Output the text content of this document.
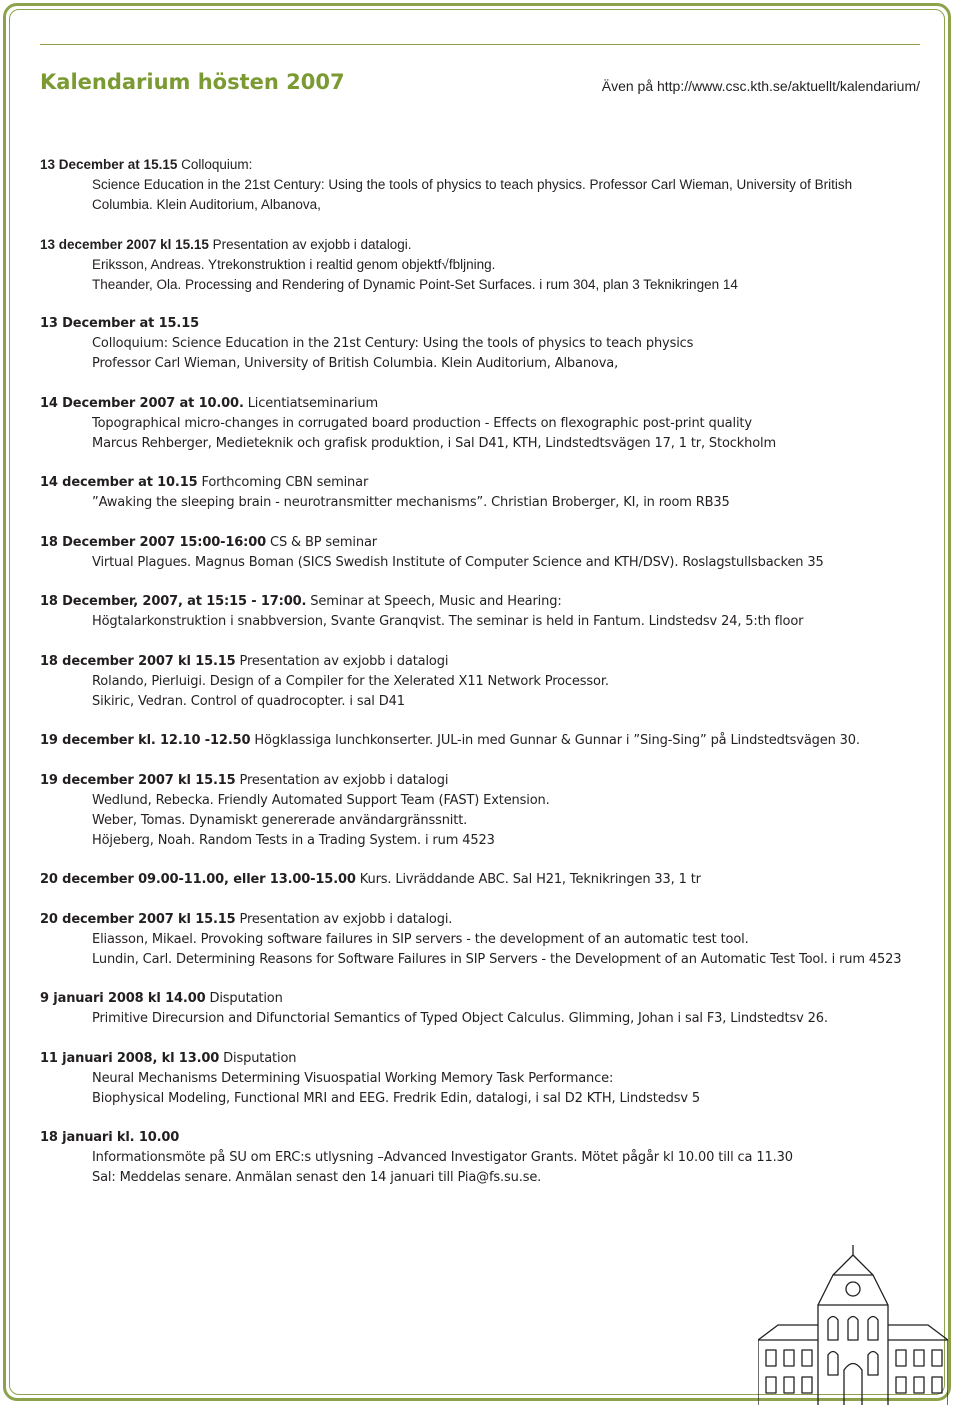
Kalendarium hösten 2007	Även på http://www.csc.kth.se/aktuellt/kalendarium/
13 December at 15.15 Colloquium:
Science Education in the 21st Century: Using the tools of physics to teach physics. Professor Carl Wieman, University of British
Columbia. Klein Auditorium, Albanova,
13 december 2007 kl 15.15 Presentation av exjobb i datalogi.
Eriksson, Andreas. Ytrekonstruktion i realtid genom objektf√fbljning.
Theander, Ola. Processing and Rendering of Dynamic Point-Set Surfaces. i rum 304, plan 3 Teknikringen 14
13 December at 15.15
Colloquium: Science Education in the 21st Century: Using the tools of physics to teach physics
Professor Carl Wieman, University of British Columbia. Klein Auditorium, Albanova,
14 December 2007 at 10.00. Licentiatseminarium
Topographical micro-changes in corrugated board production - Effects on flexographic post-print quality
Marcus Rehberger, Medieteknik och grafisk produktion, i Sal D41, KTH, Lindstedtsvägen 17, 1 tr, Stockholm
14 december at 10.15 Forthcoming CBN seminar
”Awaking the sleeping brain - neurotransmitter mechanisms”. Christian Broberger, KI, in room RB35
18 December 2007 15:00-16:00 CS & BP seminar
Virtual Plagues. Magnus Boman (SICS Swedish Institute of Computer Science and KTH/DSV). Roslagstullsbacken 35
18 December, 2007, at 15:15 - 17:00. Seminar at Speech, Music and Hearing:
Högtalarkonstruktion i snabbversion, Svante Granqvist. The seminar is held in Fantum. Lindstedsv 24, 5:th floor
18 december 2007 kl 15.15 Presentation av exjobb i datalogi
Rolando, Pierluigi. Design of a Compiler for the Xelerated X11 Network Processor.
Sikiric, Vedran. Control of quadrocopter. i sal D41
19 december kl. 12.10 -12.50 Högklassiga lunchkonserter. JUL-in med Gunnar & Gunnar i ”Sing-Sing” på Lindstedtsvägen 30.
19 december 2007 kl 15.15 Presentation av exjobb i datalogi
Wedlund, Rebecka. Friendly Automated Support Team (FAST) Extension.
Weber, Tomas. Dynamiskt genererade användargränssnitt.
Höjeberg, Noah. Random Tests in a Trading System. i rum 4523
20 december 09.00-11.00, eller 13.00-15.00 Kurs. Livräddande ABC. Sal H21, Teknikringen 33, 1 tr
20 december 2007 kl 15.15 Presentation av exjobb i datalogi.
Eliasson, Mikael. Provoking software failures in SIP servers - the development of an automatic test tool.
Lundin, Carl. Determining Reasons for Software Failures in SIP Servers - the Development of an Automatic Test Tool. i rum 4523
9 januari 2008 kl 14.00 Disputation
Primitive Direcursion and Difunctorial Semantics of Typed Object Calculus. Glimming, Johan i sal F3, Lindstedtsv 26.
11 januari 2008, kl 13.00 Disputation
Neural Mechanisms Determining Visuospatial Working Memory Task Performance:
Biophysical Modeling, Functional MRI and EEG. Fredrik Edin, datalogi, i sal D2 KTH, Lindstedsv 5
18 januari kl. 10.00
Informationsmöte på SU om ERC:s utlysning –Advanced Investigator Grants. Mötet pågår kl 10.00 till ca 11.30
Sal: Meddelas senare. Anmälan senast den 14 januari till Pia@fs.su.se.
